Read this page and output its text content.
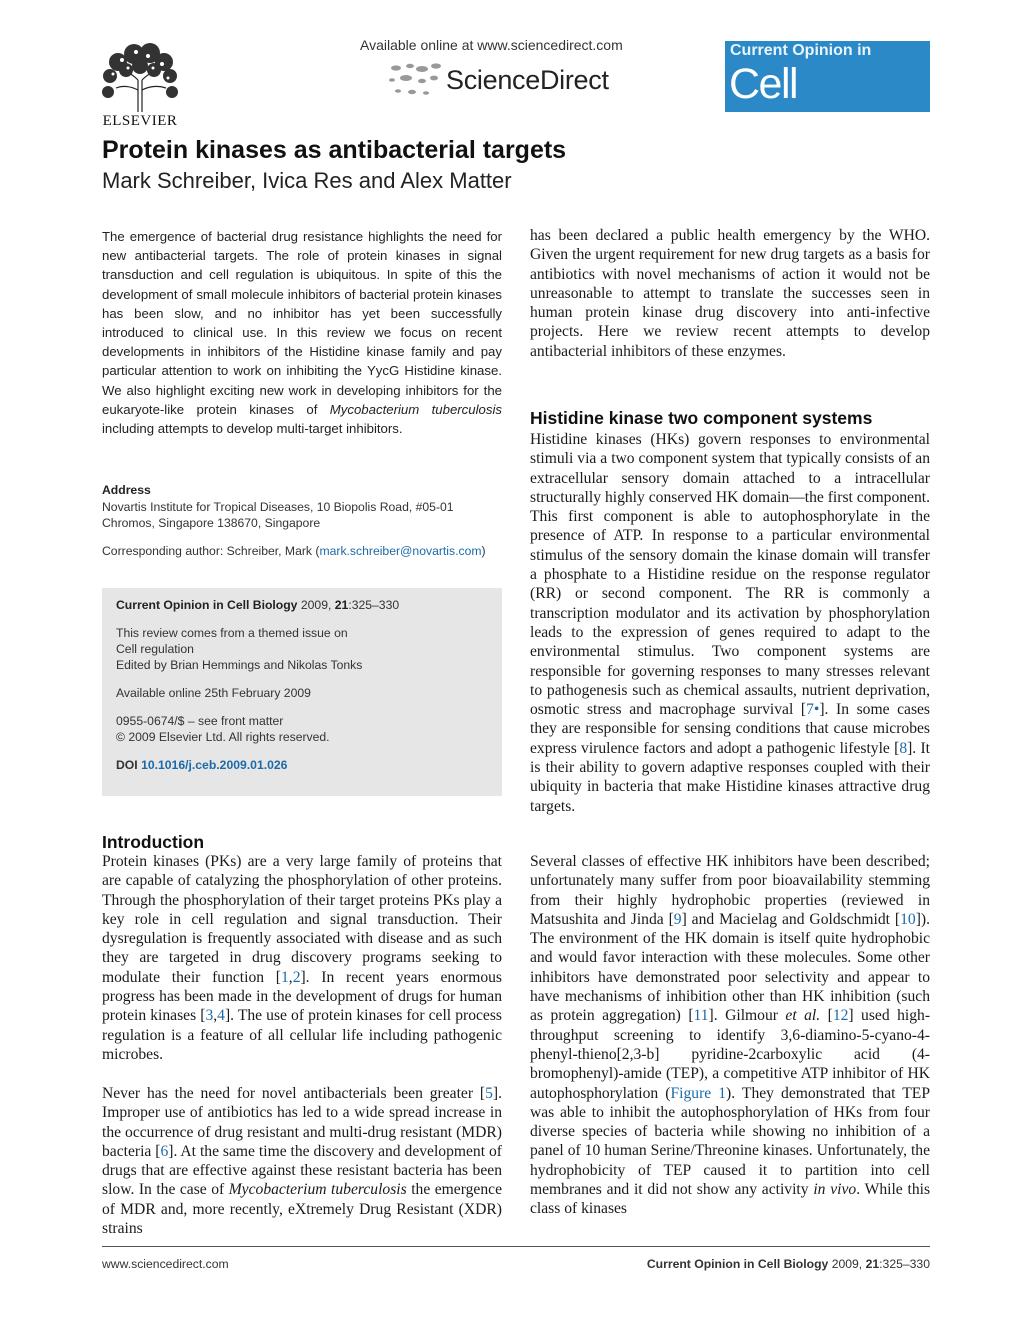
ELSEVIER
Available online at www.sciencedirect.com
ScienceDirect
Current Opinion in
Cell Biology
Protein kinases as antibacterial targets
Mark Schreiber, Ivica Res and Alex Matter
The emergence of bacterial drug resistance highlights the need for new antibacterial targets. The role of protein kinases in signal transduction and cell regulation is ubiquitous. In spite of this the development of small molecule inhibitors of bacterial protein kinases has been slow, and no inhibitor has yet been successfully introduced to clinical use. In this review we focus on recent developments in inhibitors of the Histidine kinase family and pay particular attention to work on inhibiting the YycG Histidine kinase. We also highlight exciting new work in developing inhibitors for the eukaryote-like protein kinases of Mycobacterium tuberculosis including attempts to develop multi-target inhibitors.
Address
Novartis Institute for Tropical Diseases, 10 Biopolis Road, #05-01 Chromos, Singapore 138670, Singapore
Corresponding author: Schreiber, Mark (mark.schreiber@novartis.com)
Current Opinion in Cell Biology 2009, 21:325–330
This review comes from a themed issue on
Cell regulation
Edited by Brian Hemmings and Nikolas Tonks
Available online 25th February 2009
0955-0674/$ – see front matter
© 2009 Elsevier Ltd. All rights reserved.
DOI 10.1016/j.ceb.2009.01.026
Introduction
Protein kinases (PKs) are a very large family of proteins that are capable of catalyzing the phosphorylation of other proteins. Through the phosphorylation of their target proteins PKs play a key role in cell regulation and signal transduction. Their dysregulation is frequently associated with disease and as such they are targeted in drug discovery programs seeking to modulate their function [1,2]. In recent years enormous progress has been made in the development of drugs for human protein kinases [3,4]. The use of protein kinases for cell process regulation is a feature of all cellular life including pathogenic microbes.
Never has the need for novel antibacterials been greater [5]. Improper use of antibiotics has led to a wide spread increase in the occurrence of drug resistant and multi-drug resistant (MDR) bacteria [6]. At the same time the discovery and development of drugs that are effective against these resistant bacteria has been slow. In the case of Mycobacterium tuberculosis the emergence of MDR and, more recently, eXtremely Drug Resistant (XDR) strains
has been declared a public health emergency by the WHO. Given the urgent requirement for new drug targets as a basis for antibiotics with novel mechanisms of action it would not be unreasonable to attempt to translate the successes seen in human protein kinase drug discovery into anti-infective projects. Here we review recent attempts to develop antibacterial inhibitors of these enzymes.
Histidine kinase two component systems
Histidine kinases (HKs) govern responses to environmental stimuli via a two component system that typically consists of an extracellular sensory domain attached to a intracellular structurally highly conserved HK domain—the first component. This first component is able to autophosphorylate in the presence of ATP. In response to a particular environmental stimulus of the sensory domain the kinase domain will transfer a phosphate to a Histidine residue on the response regulator (RR) or second component. The RR is commonly a transcription modulator and its activation by phosphorylation leads to the expression of genes required to adapt to the environmental stimulus. Two component systems are responsible for governing responses to many stresses relevant to pathogenesis such as chemical assaults, nutrient deprivation, osmotic stress and macrophage survival [7•]. In some cases they are responsible for sensing conditions that cause microbes express virulence factors and adopt a pathogenic lifestyle [8]. It is their ability to govern adaptive responses coupled with their ubiquity in bacteria that make Histidine kinases attractive drug targets.
Several classes of effective HK inhibitors have been described; unfortunately many suffer from poor bioavailability stemming from their highly hydrophobic properties (reviewed in Matsushita and Jinda [9] and Macielag and Goldschmidt [10]). The environment of the HK domain is itself quite hydrophobic and would favor interaction with these molecules. Some other inhibitors have demonstrated poor selectivity and appear to have mechanisms of inhibition other than HK inhibition (such as protein aggregation) [11]. Gilmour et al. [12] used high-throughput screening to identify 3,6-diamino-5-cyano-4-phenyl-thieno[2,3-b] pyridine-2carboxylic acid (4-bromophenyl)-amide (TEP), a competitive ATP inhibitor of HK autophosphorylation (Figure 1). They demonstrated that TEP was able to inhibit the autophosphorylation of HKs from four diverse species of bacteria while showing no inhibition of a panel of 10 human Serine/Threonine kinases. Unfortunately, the hydrophobicity of TEP caused it to partition into cell membranes and it did not show any activity in vivo. While this class of kinases
www.sciencedirect.com	Current Opinion in Cell Biology 2009, 21:325–330
